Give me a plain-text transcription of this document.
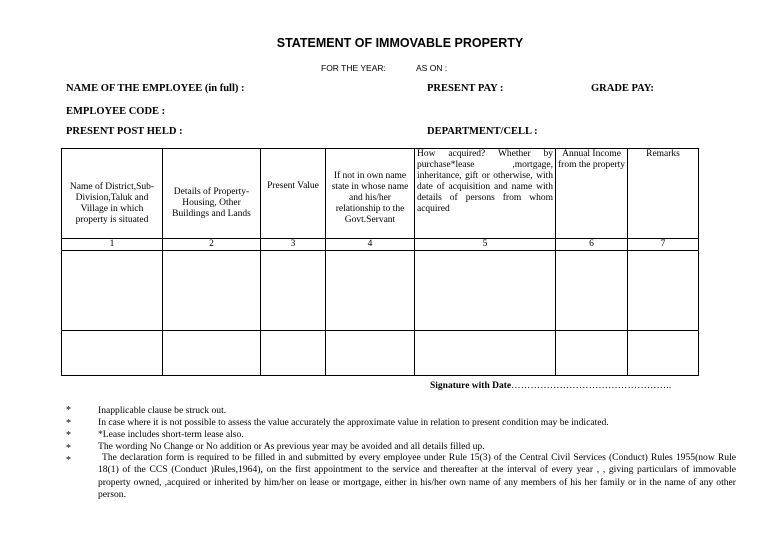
STATEMENT OF IMMOVABLE PROPERTY
FOR THE YEAR:	AS ON :
NAME OF THE EMPLOYEE (in full) :	PRESENT PAY :	GRADE PAY:
EMPLOYEE CODE :
PRESENT POST HELD :	DEPARTMENT/CELL :
Name of District,Sub-Division,Taluk and Village in which property is situated	Details of Property-Housing, Other Buildings and Lands	Present Value	If not in own name state in whose name and his/her relationship to the Govt.Servant	How acquired? Whether by purchase*lease ,mortgage, inheritance, gift or otherwise, with date of acquisition and name with details of persons from whom acquired	Annual Income from the property	Remarks
1	2	3	4	5	6	7

Signature with Date…………………………………………..
*
*
*
*
*
Inapplicable clause be struck out.
In case where it is not possible to assess the value accurately the approximate value in relation to present condition may be indicated.
*Lease includes short-term lease also.
The wording No Change or No addition or As previous year may be avoided and all details filled up.
The declaration form is required to be filled in and submitted by every employee under Rule 15(3) of the Central Civil Services (Conduct) Rules 1955(now Rule 18(1) of the CCS (Conduct )Rules,1964), on the first appointment to the service and thereafter at the interval of every year , , giving particulars of immovable property owned, ,acquired or inherited by him/her on lease or mortgage, either in his/her own name of any members of his her family or in the name of any other person.
